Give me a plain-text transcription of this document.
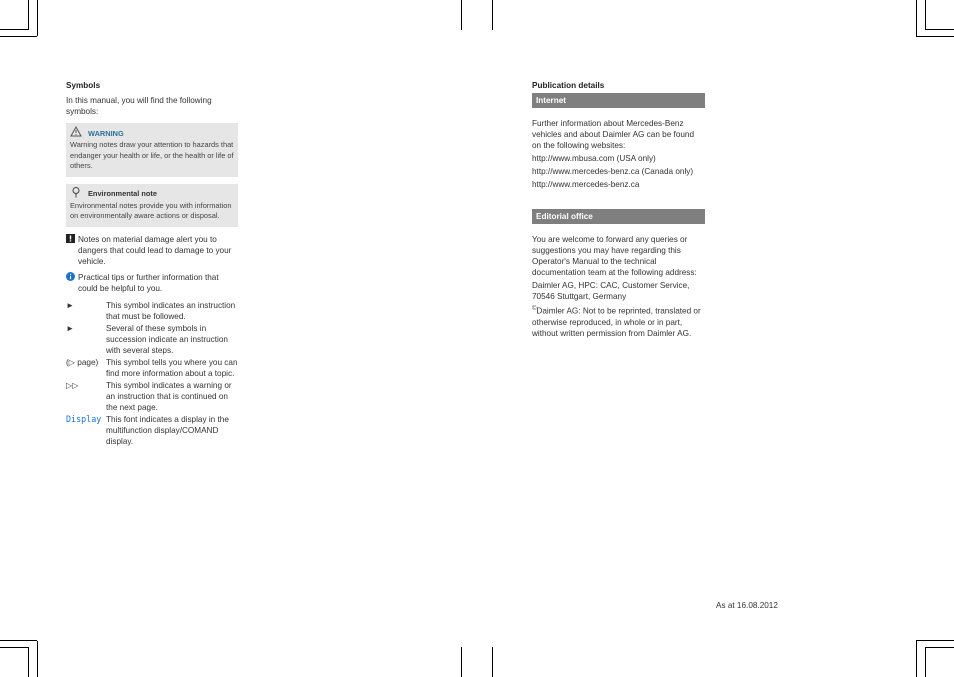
Symbols

In this manual, you will find the following symbols:

WARNING

Warning notes draw your attention to hazards that endanger your health or life, or the health or life of others.

Environmental note

Environmental notes provide you with information on environmentally aware actions or disposal.

Notes on material damage alert you to dangers that could lead to damage to your vehicle.

Practical tips or further information that could be helpful to you.

►	This symbol indicates an instruction that must be followed.

►	Several of these symbols in succession indicate an instruction with several steps.

(▷ page) This symbol tells you where you can find more information about a topic.

▷▷	This symbol indicates a warning or an instruction that is continued on the next page.

Display This font indicates a display in the multifunction display/COMAND display.

Publication details

Internet

Further information about Mercedes-Benz vehicles and about Daimler AG can be found on the following websites:

http://www.mbusa.com (USA only)

http://www.mercedes-benz.ca (Canada only)

http://www.mercedes-benz.ca

Editorial office

You are welcome to forward any queries or suggestions you may have regarding this Operator's Manual to the technical documentation team at the following address:

Daimler AG, HPC: CAC, Customer Service, 70546 Stuttgart, Germany

©Daimler AG: Not to be reprinted, translated or otherwise reproduced, in whole or in part, without written permission from Daimler AG.

As at 16.08.2012
